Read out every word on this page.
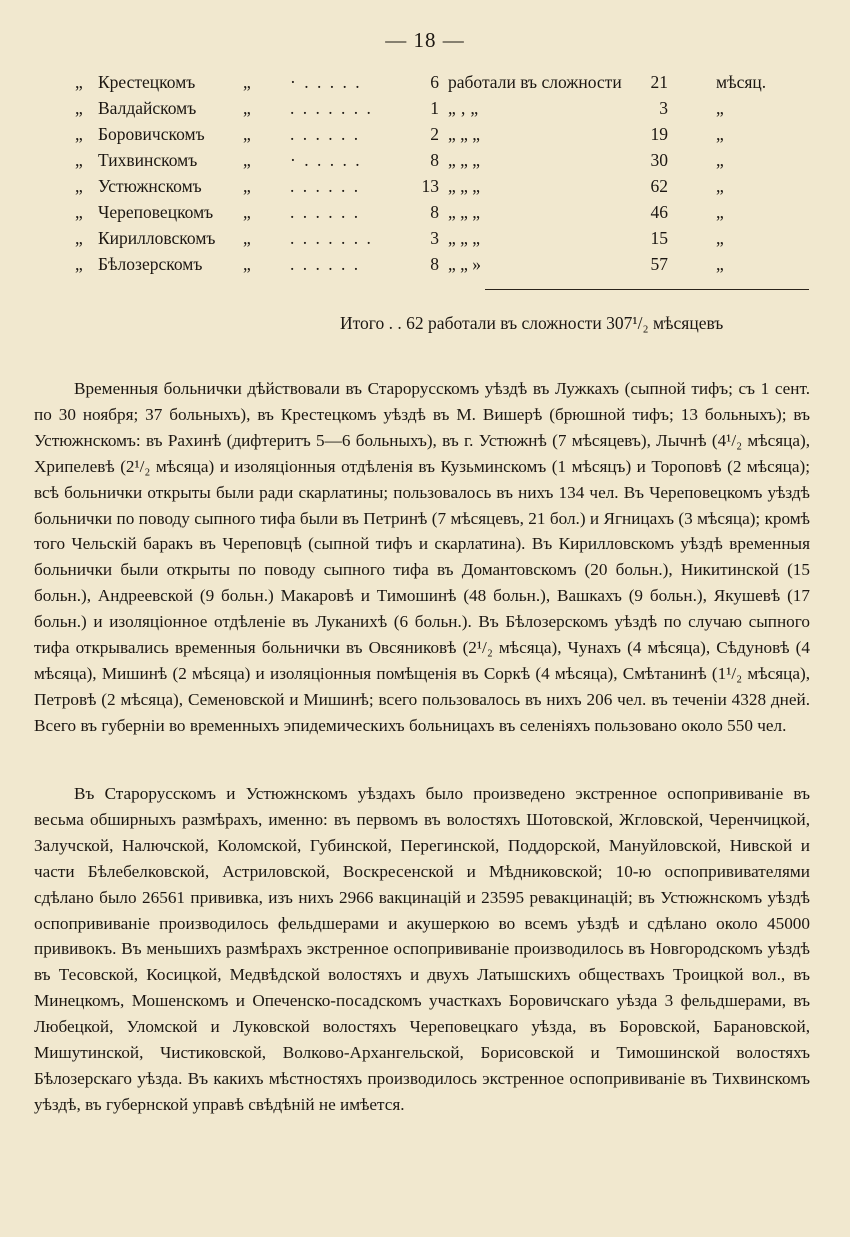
— 18 —
„ Крестецкомъ	„ · . . . . .	6 работали въ сложности	21	мѣсяц.
„ Валдайскомъ	„ . . . . . . .	1 „ ‚ „	3	„
„ Боровичскомъ „ . . . . . .	2 „ „ „	19	„
„ Тихвинскомъ	„ · . . . . .	8 „ „ „	30	„
„ Устюжнскомъ „ . . . . . .	13 „ „ „	62	„
„ Череповецкомъ „ . . . . . .	8 „ „ „	46	„
„ Кирилловскомъ „ . . . . . . .	3 „ „ „	15	„
„ Бѣлозерскомъ „ . . . . . .	8 „ „ »	57	„
Итого . . 62 работали въ сложности 307¹/₂ мѣсяцевъ

Временныя больнички дѣйствовали въ Старорусскомъ уѣздѣ въ Лужкахъ (сыпной тифъ; съ 1 сент. по 30 ноября; 37 больныхъ), въ Крестецкомъ уѣздѣ въ М. Вишерѣ (брюшной тифъ; 13 больныхъ); въ Устюжнскомъ: въ Рахинѣ (дифтеритъ 5—6 больныхъ), въ г. Устюжнѣ (7 мѣсяцевъ), Лычнѣ (4¹/₂ мѣсяца), Хрипелевѣ (2¹/₂ мѣсяца) и изоляціонныя отдѣленія въ Кузьминскомъ (1 мѣсяцъ) и Тороповѣ (2 мѣсяца); всѣ больнички открыты были ради скарлатины; пользовалось въ нихъ 134 чел. Въ Череповецкомъ уѣздѣ больнички по поводу сыпного тифа были въ Петринѣ (7 мѣсяцевъ, 21 бол.) и Ягницахъ (3 мѣсяца); кромѣ того Чельскій баракъ въ Череповцѣ (сыпной тифъ и скарлатина). Въ Кирилловскомъ уѣздѣ временныя больнички были открыты по поводу сыпного тифа въ Домантовскомъ (20 больн.), Никитинской (15 больн.), Андреевской (9 больн.) Макаровѣ и Тимошинѣ (48 больн.), Вашкахъ (9 больн.), Якушевѣ (17 больн.) и изоляціонное отдѣленіе въ Луканихѣ (6 больн.). Въ Бѣлозерскомъ уѣздѣ по случаю сыпного тифа открывались временныя больнички въ Овсяниковѣ (2¹/₂ мѣсяца), Чунахъ (4 мѣсяца), Сѣдуновѣ (4 мѣсяца), Мишинѣ (2 мѣсяца) и изоляціонныя помѣщенія въ Соркѣ (4 мѣсяца), Смѣтанинѣ (1¹/₂ мѣсяца), Петровѣ (2 мѣсяца), Семеновской и Мишинѣ; всего пользовалось въ нихъ 206 чел. въ теченіи 4328 дней. Всего въ губерніи во временныхъ эпидемическихъ больницахъ въ селеніяхъ пользовано около 550 чел.

Въ Старорусскомъ и Устюжнскомъ уѣздахъ было произведено экстренное оспопрививаніе въ весьма обширныхъ размѣрахъ, именно: въ первомъ въ волостяхъ Шотовской, Жгловской, Черенчицкой, Залучской, Налючской, Коломской, Губинской, Перегинской, Поддорской, Мануйловской, Нивской и части Бѣлебелковской, Астриловской, Воскресенской и Мѣдниковской; 10-ю оспопрививателями сдѣлано было 26561 прививка, изъ нихъ 2966 вакцинацій и 23595 ревакцинацій; въ Устюжнскомъ уѣздѣ оспопрививаніе производилось фельдшерами и акушеркою во всемъ уѣздѣ и сдѣлано около 45000 прививокъ. Въ меньшихъ размѣрахъ экстренное оспопрививаніе производилось въ Новгородскомъ уѣздѣ въ Тесовской, Косицкой, Медвѣдской волостяхъ и двухъ Латышскихъ обществахъ Троицкой вол., въ Минецкомъ, Мошенскомъ и Опеченско-посадскомъ участкахъ Боровичскаго уѣзда 3 фельдшерами, въ Любецкой, Уломской и Луковской волостяхъ Череповецкаго уѣзда, въ Боровской, Барановской, Мишутинской, Чистиковской, Волково-Архангельской, Борисовской и Тимошинской волостяхъ Бѣлозерскаго уѣзда. Въ какихъ мѣстностяхъ производилось экстренное оспопрививаніе въ Тихвинскомъ уѣздѣ, въ губернской управѣ свѣдѣній не имѣется.
